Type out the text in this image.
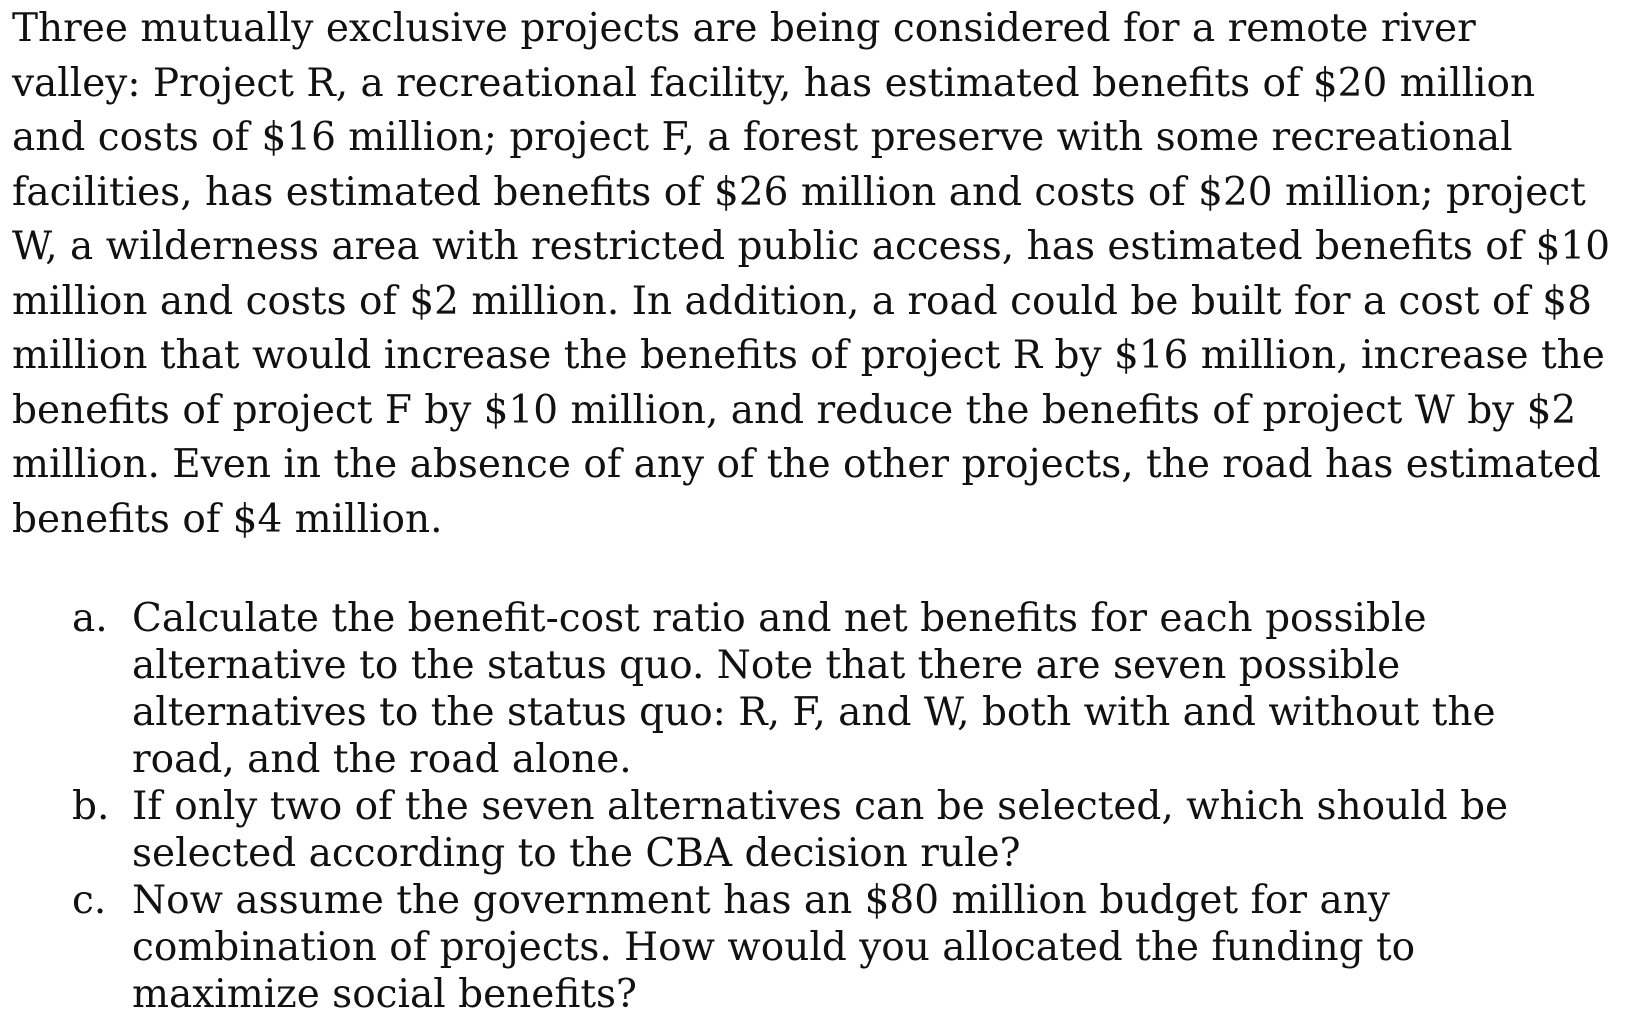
Three mutually exclusive projects are being considered for a remote river valley: Project R, a recreational facility, has estimated benefits of $20 million and costs of $16 million; project F, a forest preserve with some recreational facilities, has estimated benefits of $26 million and costs of $20 million; project W, a wilderness area with restricted public access, has estimated benefits of $10 million and costs of $2 million. In addition, a road could be built for a cost of $8 million that would increase the benefits of project R by $16 million, increase the benefits of project F by $10 million, and reduce the benefits of project W by $2 million. Even in the absence of any of the other projects, the road has estimated benefits of $4 million.

a. Calculate the benefit-cost ratio and net benefits for each possible alternative to the status quo. Note that there are seven possible alternatives to the status quo: R, F, and W, both with and without the road, and the road alone.
b. If only two of the seven alternatives can be selected, which should be selected according to the CBA decision rule?
c. Now assume the government has an $80 million budget for any combination of projects. How would you allocated the funding to maximize social benefits?
